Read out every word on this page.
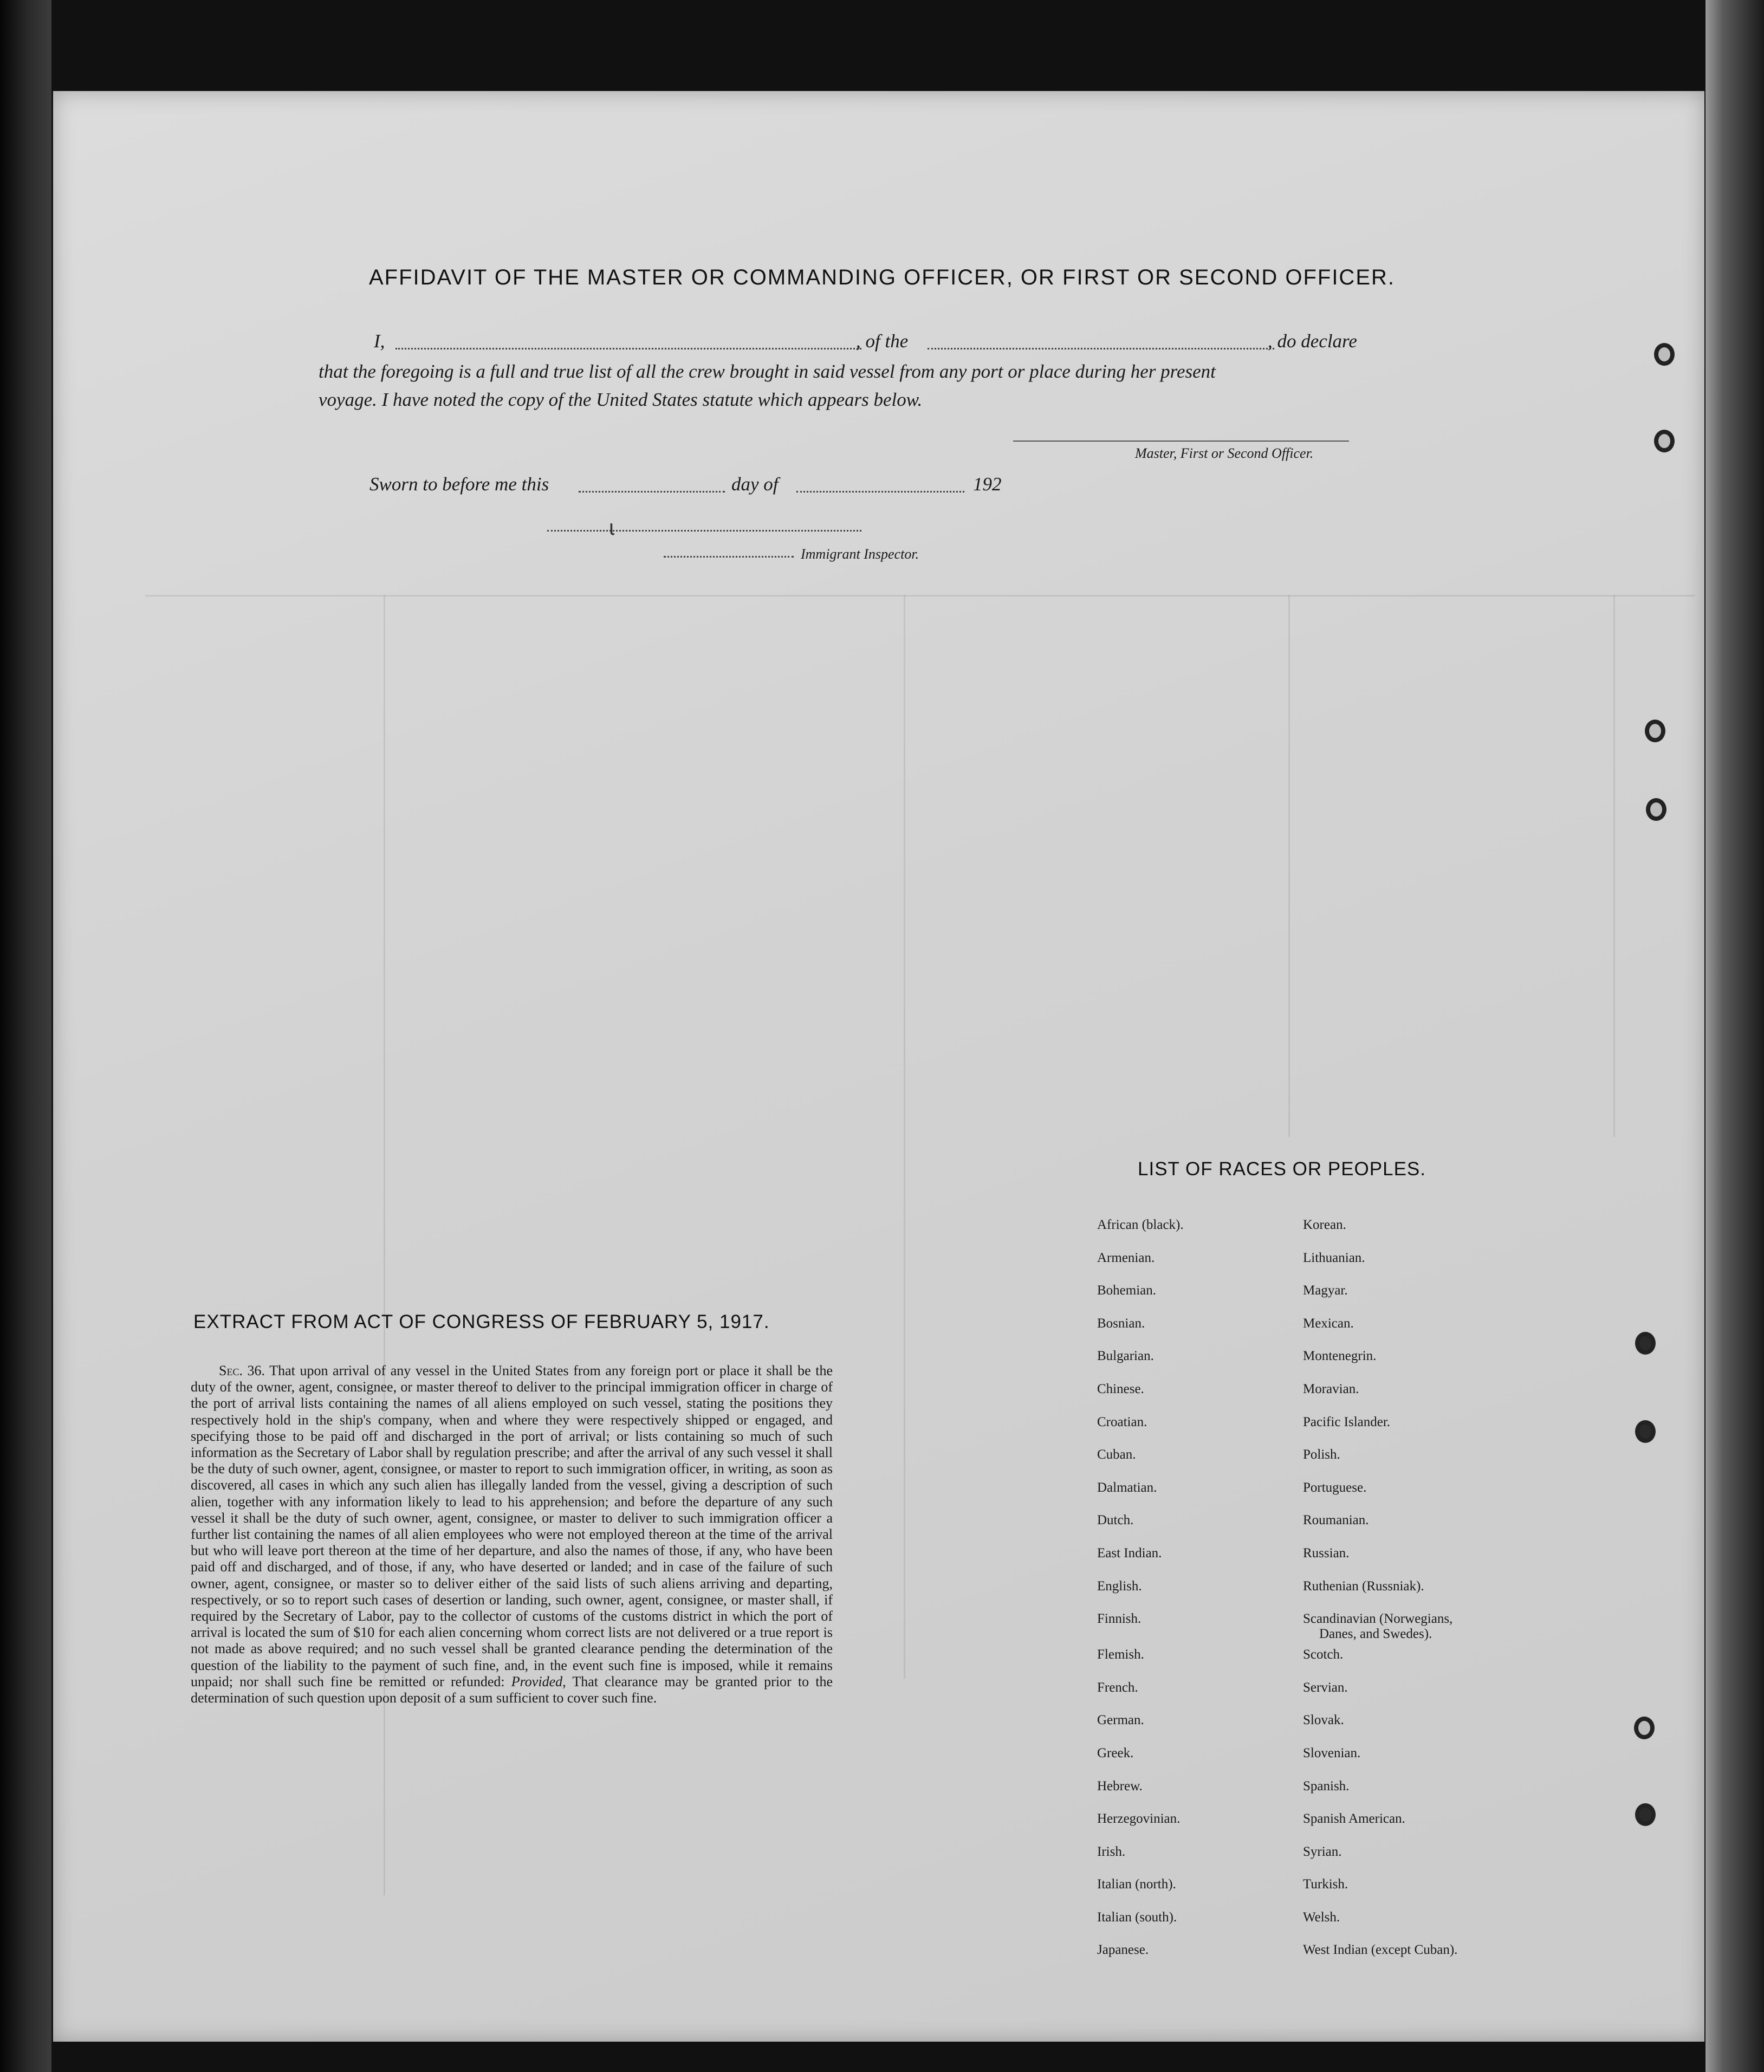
AFFIDAVIT OF THE MASTER OR COMMANDING OFFICER, OR FIRST OR SECOND OFFICER.
I,	, of the	, do declare
that the foregoing is a full and true list of all the crew brought in said vessel from any port or place during her present
voyage. I have noted the copy of the United States statute which appears below.
Master, First or Second Officer.
Sworn to before me this	day of	192
ɩ
Immigrant Inspector.
EXTRACT FROM ACT OF CONGRESS OF FEBRUARY 5, 1917.
Sec. 36. That upon arrival of any vessel in the United States from any foreign port or place it shall be the duty of the owner, agent, consignee, or master thereof to deliver to the principal immigration officer in charge of the port of arrival lists containing the names of all aliens employed on such vessel, stating the positions they respectively hold in the ship's company, when and where they were respectively shipped or engaged, and specifying those to be paid off and discharged in the port of arrival; or lists containing so much of such information as the Secretary of Labor shall by regulation prescribe; and after the arrival of any such vessel it shall be the duty of such owner, agent, consignee, or master to report to such immigration officer, in writing, as soon as discovered, all cases in which any such alien has illegally landed from the vessel, giving a description of such alien, together with any information likely to lead to his apprehension; and before the departure of any such vessel it shall be the duty of such owner, agent, consignee, or master to deliver to such immigration officer a further list containing the names of all alien employees who were not employed thereon at the time of the arrival but who will leave port thereon at the time of her departure, and also the names of those, if any, who have been paid off and discharged, and of those, if any, who have deserted or landed; and in case of the failure of such owner, agent, consignee, or master so to deliver either of the said lists of such aliens arriving and departing, respectively, or so to report such cases of desertion or landing, such owner, agent, consignee, or master shall, if required by the Secretary of Labor, pay to the collector of customs of the customs district in which the port of arrival is located the sum of $10 for each alien concerning whom correct lists are not delivered or a true report is not made as above required; and no such vessel shall be granted clearance pending the determination of the question of the liability to the payment of such fine, and, in the event such fine is imposed, while it remains unpaid; nor shall such fine be remitted or refunded: Provided, That clearance may be granted prior to the determination of such question upon deposit of a sum sufficient to cover such fine.
LIST OF RACES OR PEOPLES.
African (black).
Armenian.
Bohemian.
Bosnian.
Bulgarian.
Chinese.
Croatian.
Cuban.
Dalmatian.
Dutch.
East Indian.
English.
Finnish.
Flemish.
French.
German.
Greek.
Hebrew.
Herzegovinian.
Irish.
Italian (north).
Italian (south).
Japanese.
Korean.
Lithuanian.
Magyar.
Mexican.
Montenegrin.
Moravian.
Pacific Islander.
Polish.
Portuguese.
Roumanian.
Russian.
Ruthenian (Russniak).
Scandinavian (Norwegians,
Danes, and Swedes).
Scotch.
Servian.
Slovak.
Slovenian.
Spanish.
Spanish American.
Syrian.
Turkish.
Welsh.
West Indian (except Cuban).
